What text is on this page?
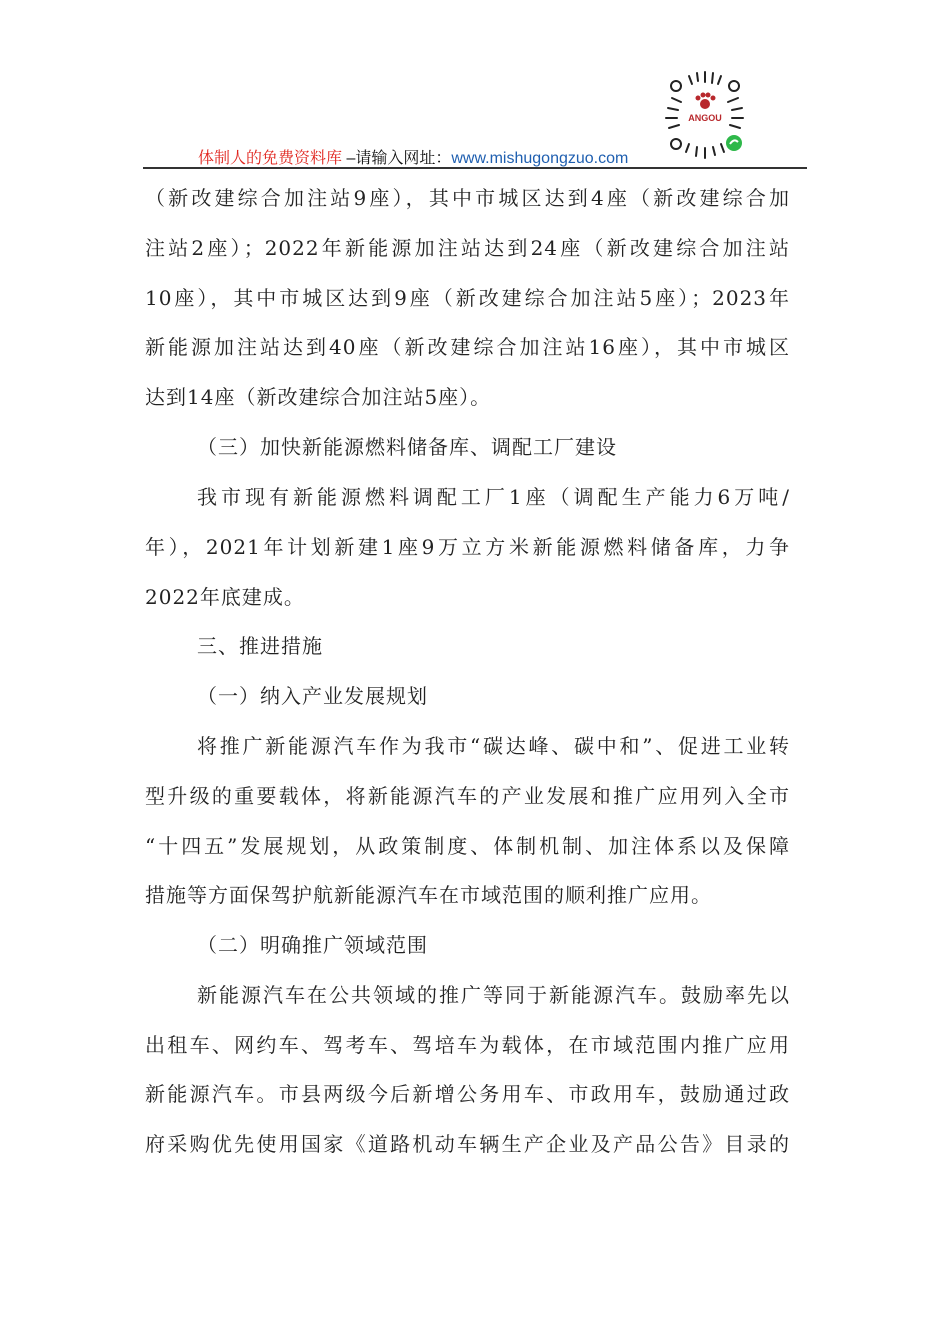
ANGOU
体制人的免费资料库 –请输入网址：www.mishugongzuo.com
（新改建综合加注站9座），其中市城区达到4座（新改建综合加
注站2座）；2022年新能源加注站达到24座（新改建综合加注站
10座），其中市城区达到9座（新改建综合加注站5座）；2023年
新能源加注站达到40座（新改建综合加注站16座），其中市城区
达到14座（新改建综合加注站5座）。
（三）加快新能源燃料储备库、调配工厂建设
我市现有新能源燃料调配工厂1座（调配生产能力6万吨/
年），2021年计划新建1座9万立方米新能源燃料储备库，力争
2022年底建成。
三、推进措施
（一）纳入产业发展规划
将推广新能源汽车作为我市“碳达峰、碳中和”、促进工业转
型升级的重要载体，将新能源汽车的产业发展和推广应用列入全市
“十四五”发展规划，从政策制度、体制机制、加注体系以及保障
措施等方面保驾护航新能源汽车在市域范围的顺利推广应用。
（二）明确推广领域范围
新能源汽车在公共领域的推广等同于新能源汽车。鼓励率先以
出租车、网约车、驾考车、驾培车为载体，在市域范围内推广应用
新能源汽车。市县两级今后新增公务用车、市政用车，鼓励通过政
府采购优先使用国家《道路机动车辆生产企业及产品公告》目录的
